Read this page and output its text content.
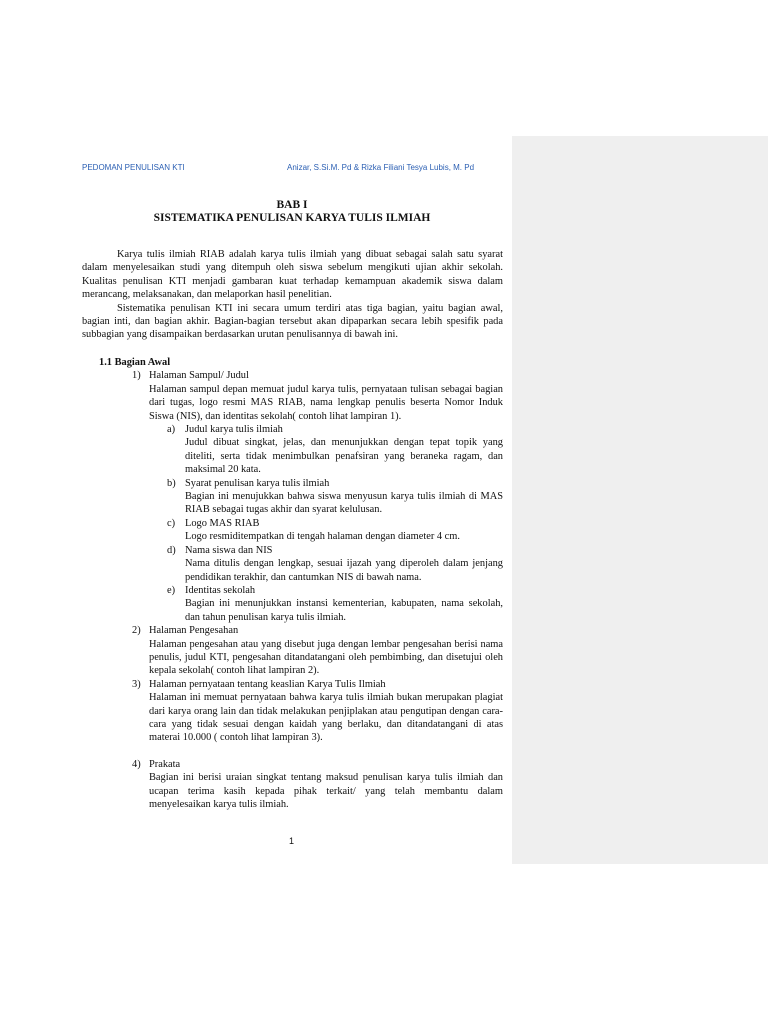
PEDOMAN PENULISAN KTI	Anizar, S.Si.M. Pd & Rizka Filiani Tesya Lubis, M. Pd
BAB I
SISTEMATIKA PENULISAN KARYA TULIS ILMIAH

Karya tulis ilmiah RIAB adalah karya tulis ilmiah yang dibuat sebagai salah satu syarat dalam menyelesaikan studi yang ditempuh oleh siswa sebelum mengikuti ujian akhir sekolah. Kualitas penulisan KTI menjadi gambaran kuat terhadap kemampuan akademik siswa dalam merancang, melaksanakan, dan melaporkan hasil penelitian.

Sistematika penulisan KTI ini secara umum terdiri atas tiga bagian, yaitu bagian awal, bagian inti, dan bagian akhir. Bagian-bagian tersebut akan dipaparkan secara lebih spesifik pada subbagian yang disampaikan berdasarkan urutan penulisannya di bawah ini.

1.1 Bagian Awal

1) Halaman Sampul/ Judul
Halaman sampul depan memuat judul karya tulis, pernyataan tulisan sebagai bagian dari tugas, logo resmi MAS RIAB, nama lengkap penulis beserta Nomor Induk Siswa (NIS), dan identitas sekolah( contoh lihat lampiran 1).
a) Judul karya tulis ilmiah
Judul dibuat singkat, jelas, dan menunjukkan dengan tepat topik yang diteliti, serta tidak menimbulkan penafsiran yang beraneka ragam, dan maksimal 20 kata.
b) Syarat penulisan karya tulis ilmiah
Bagian ini menujukkan bahwa siswa menyusun karya tulis ilmiah di MAS RIAB sebagai tugas akhir dan syarat kelulusan.
c) Logo MAS RIAB
Logo resmiditempatkan di tengah halaman dengan diameter 4 cm.
d) Nama siswa dan NIS
Nama ditulis dengan lengkap, sesuai ijazah yang diperoleh dalam jenjang pendidikan terakhir, dan cantumkan NIS di bawah nama.
e) Identitas sekolah
Bagian ini menunjukkan instansi kementerian, kabupaten, nama sekolah, dan tahun penulisan karya tulis ilmiah.
2) Halaman Pengesahan
Halaman pengesahan atau yang disebut juga dengan lembar pengesahan berisi nama penulis, judul KTI, pengesahan ditandatangani oleh pembimbing, dan disetujui oleh kepala sekolah( contoh lihat lampiran 2).
3) Halaman pernyataan tentang keaslian Karya Tulis Ilmiah
Halaman ini memuat pernyataan bahwa karya tulis ilmiah bukan merupakan plagiat dari karya orang lain dan tidak melakukan penjiplakan atau pengutipan dengan cara-cara yang tidak sesuai dengan kaidah yang berlaku, dan ditandatangani di atas materai 10.000 ( contoh lihat lampiran 3).
4) Prakata
Bagian ini berisi uraian singkat tentang maksud penulisan karya tulis ilmiah dan ucapan terima kasih kepada pihak terkait/ yang telah membantu dalam menyelesaikan karya tulis ilmiah.
1
